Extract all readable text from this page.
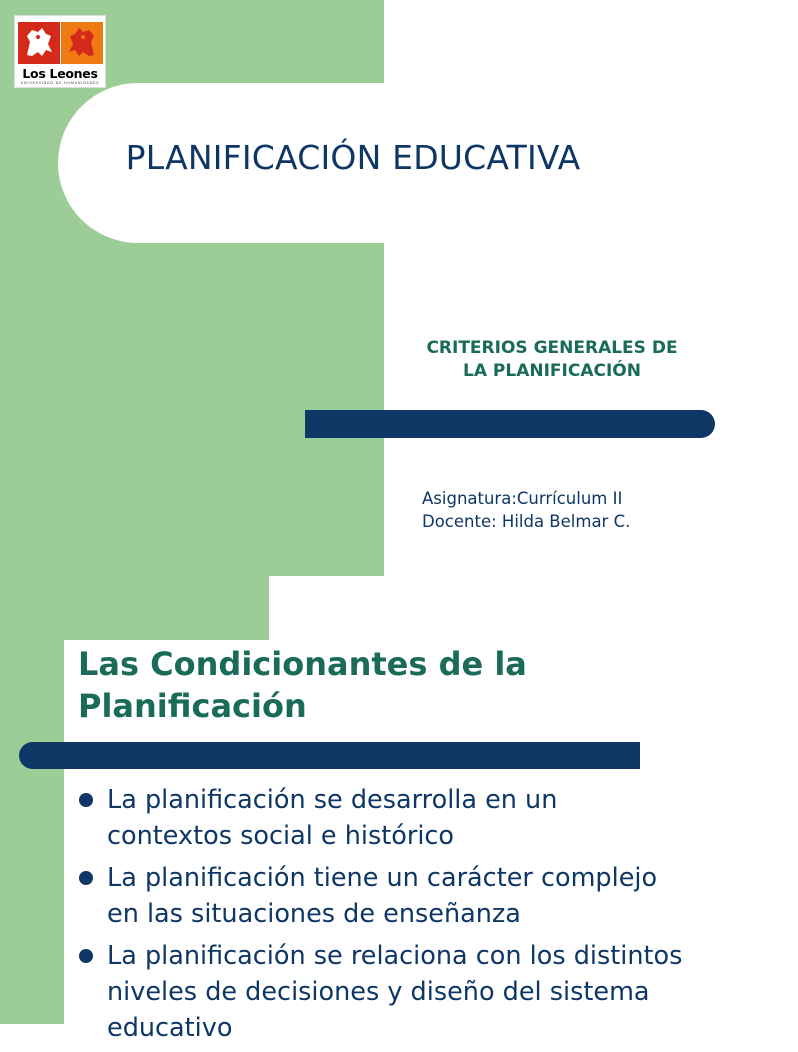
Los Leones
UNIVERSIDAD DE HUMANIDADES
PLANIFICACIÓN EDUCATIVA
CRITERIOS GENERALES DE
LA PLANIFICACIÓN
Asignatura:Currículum II
Docente: Hilda Belmar C.
Las Condicionantes de la
Planificación
La planificación se desarrolla en un
contextos social e histórico
La planificación tiene un carácter complejo
en las situaciones de enseñanza
La planificación se relaciona con los distintos
niveles de decisiones y diseño del sistema
educativo
